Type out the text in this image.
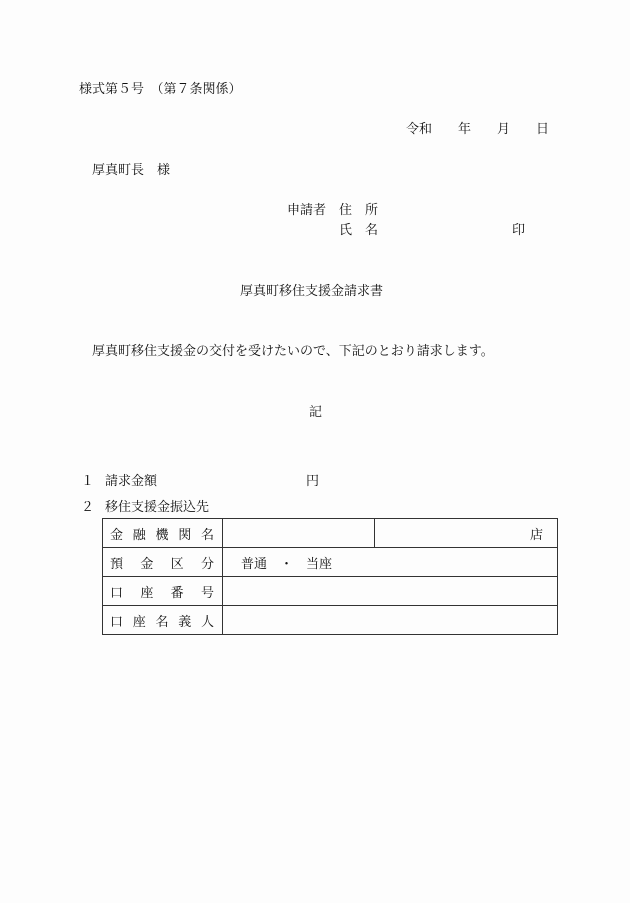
様式第５号　（第７条関係）
令和　　年　　月　　日
厚真町長　様
申請者　住　所
氏　名	印
厚真町移住支援金請求書
厚真町移住支援金の交付を受けたいので、下記のとおり請求します。
記
１ 請求金額	円
２ 移住支援金振込先
金 融 機 関 名		店

預 金 区 分	普通　・　当座	

口 座 番 号		

口 座 名 義 人		
